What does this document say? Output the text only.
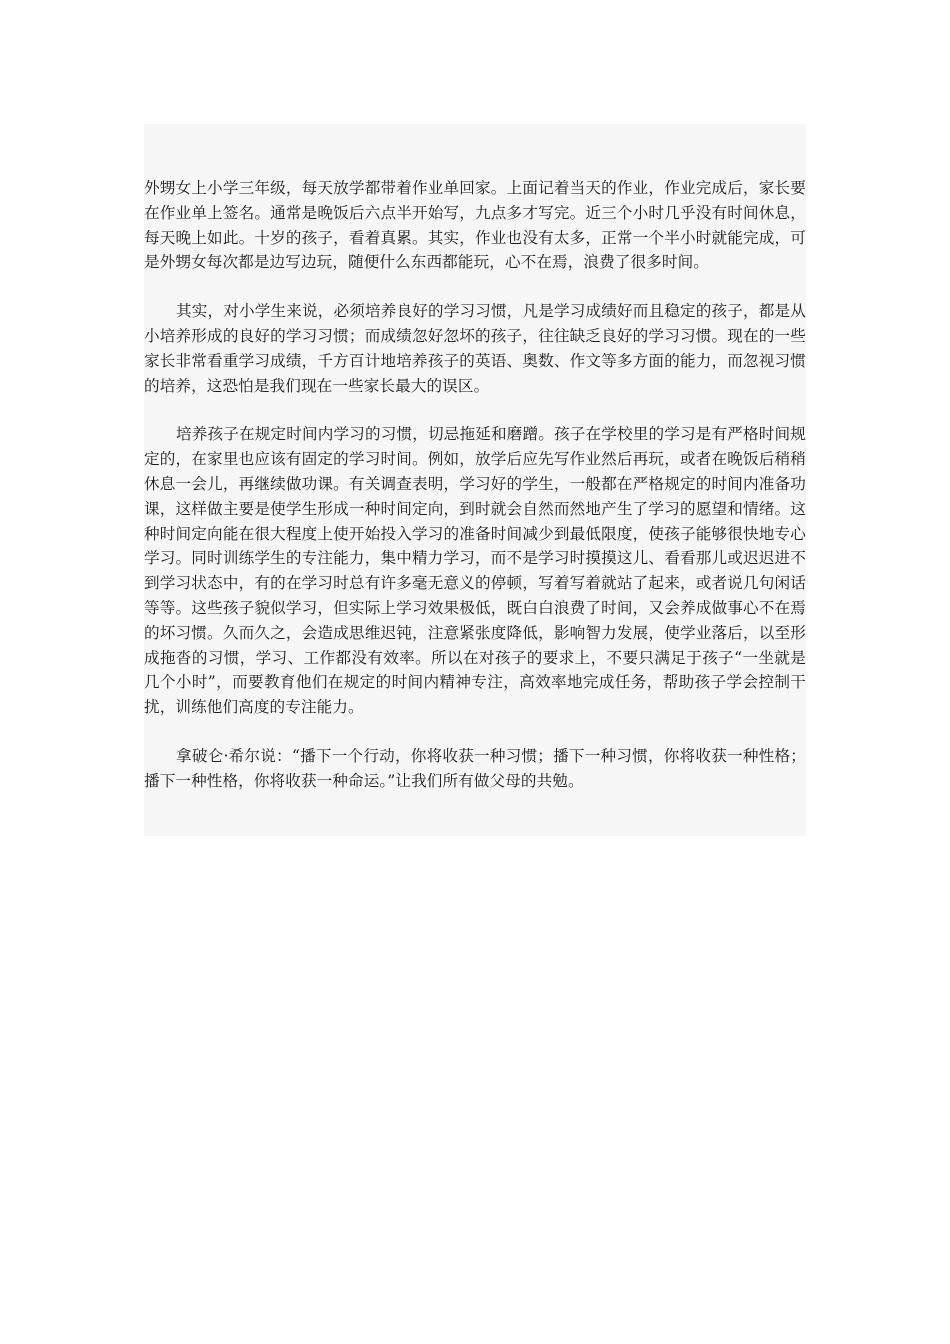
外甥女上小学三年级，每天放学都带着作业单回家。上面记着当天的作业，作业完成后，家长要在作业单上签名。通常是晚饭后六点半开始写，九点多才写完。近三个小时几乎没有时间休息，每天晚上如此。十岁的孩子，看着真累。其实，作业也没有太多，正常一个半小时就能完成，可是外甥女每次都是边写边玩，随便什么东西都能玩，心不在焉，浪费了很多时间。

其实，对小学生来说，必须培养良好的学习习惯，凡是学习成绩好而且稳定的孩子，都是从小培养形成的良好的学习习惯；而成绩忽好忽坏的孩子，往往缺乏良好的学习习惯。现在的一些家长非常看重学习成绩，千方百计地培养孩子的英语、奥数、作文等多方面的能力，而忽视习惯的培养，这恐怕是我们现在一些家长最大的误区。

培养孩子在规定时间内学习的习惯，切忌拖延和磨蹭。孩子在学校里的学习是有严格时间规定的，在家里也应该有固定的学习时间。例如，放学后应先写作业然后再玩，或者在晚饭后稍稍休息一会儿，再继续做功课。有关调查表明，学习好的学生，一般都在严格规定的时间内准备功课，这样做主要是使学生形成一种时间定向，到时就会自然而然地产生了学习的愿望和情绪。这种时间定向能在很大程度上使开始投入学习的准备时间减少到最低限度，使孩子能够很快地专心学习。同时训练学生的专注能力，集中精力学习，而不是学习时摸摸这儿、看看那儿或迟迟进不到学习状态中，有的在学习时总有许多毫无意义的停顿，写着写着就站了起来，或者说几句闲话等等。这些孩子貌似学习，但实际上学习效果极低，既白白浪费了时间，又会养成做事心不在焉的坏习惯。久而久之，会造成思维迟钝，注意紧张度降低，影响智力发展，使学业落后，以至形成拖沓的习惯，学习、工作都没有效率。所以在对孩子的要求上，不要只满足于孩子“一坐就是几个小时”，而要教育他们在规定的时间内精神专注，高效率地完成任务，帮助孩子学会控制干扰，训练他们高度的专注能力。

拿破仑·希尔说：“播下一个行动，你将收获一种习惯；播下一种习惯，你将收获一种性格；播下一种性格，你将收获一种命运。”让我们所有做父母的共勉。
